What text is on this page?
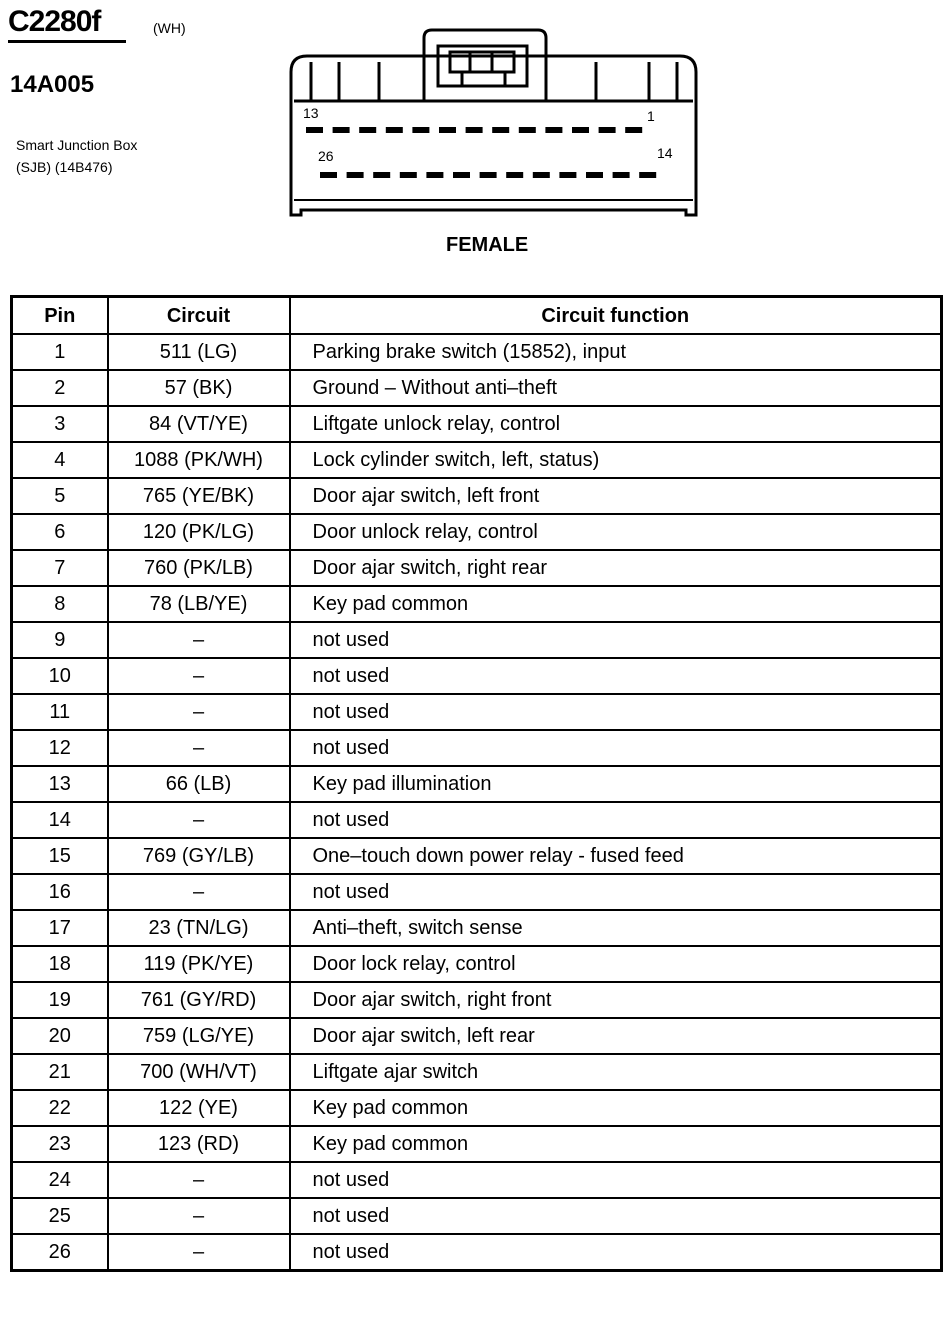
C2280f	(WH)
14A005
Smart Junction Box
(SJB) (14B476)
13	1
26	14
FEMALE
Pin	Circuit	Circuit function
1	511 (LG)	Parking brake switch (15852), input
2	57 (BK)	Ground – Without anti–theft
3	84 (VT/YE)	Liftgate unlock relay, control
4	1088 (PK/WH)	Lock cylinder switch, left, status)
5	765 (YE/BK)	Door ajar switch, left front
6	120 (PK/LG)	Door unlock relay, control
7	760 (PK/LB)	Door ajar switch, right rear
8	78 (LB/YE)	Key pad common
9	–	not used
10	–	not used
11	–	not used
12	–	not used
13	66 (LB)	Key pad illumination
14	–	not used
15	769 (GY/LB)	One–touch down power relay - fused feed
16	–	not used
17	23 (TN/LG)	Anti–theft, switch sense
18	119 (PK/YE)	Door lock relay, control
19	761 (GY/RD)	Door ajar switch, right front
20	759 (LG/YE)	Door ajar switch, left rear
21	700 (WH/VT)	Liftgate ajar switch
22	122 (YE)	Key pad common
23	123 (RD)	Key pad common
24	–	not used
25	–	not used
26	–	not used
